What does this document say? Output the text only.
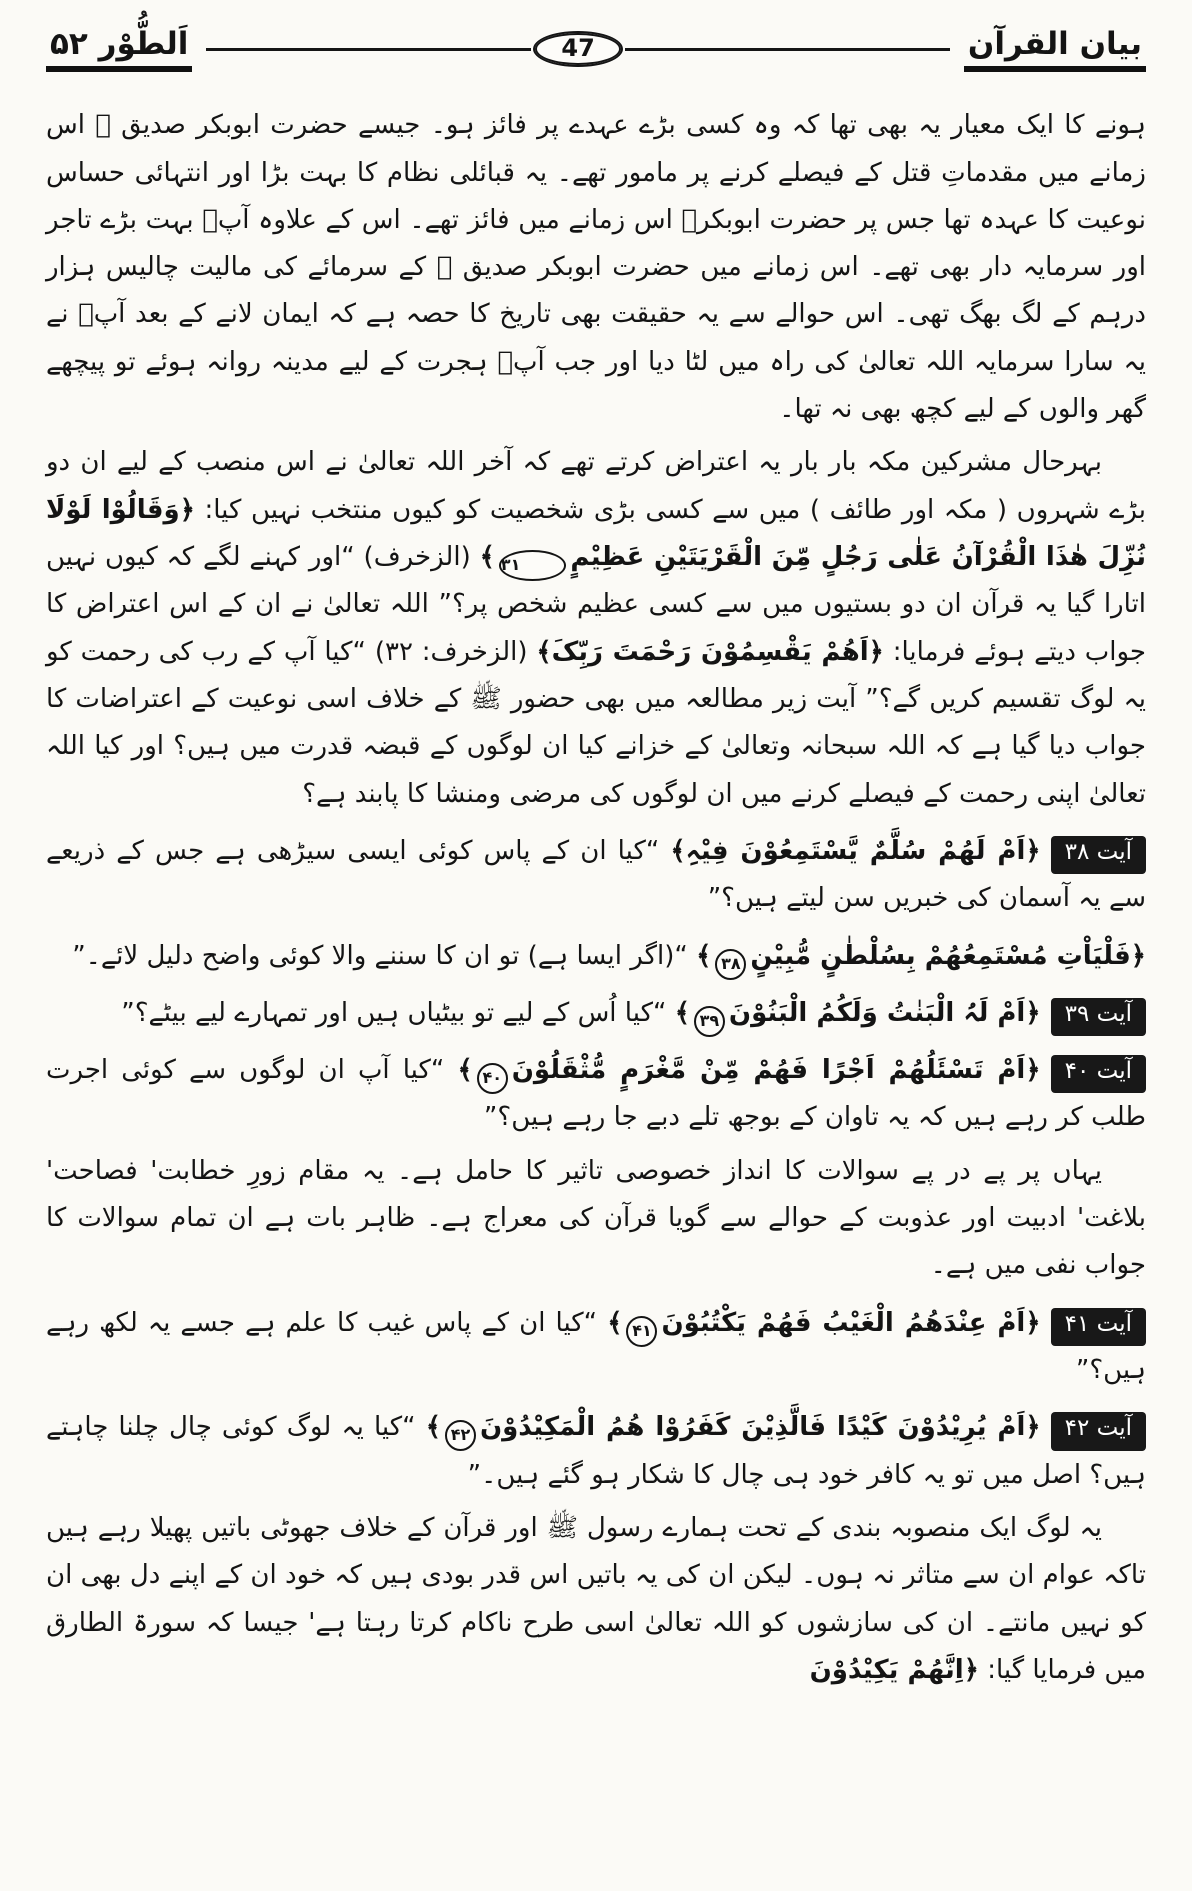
بیان القرآن
47
اَلطُّوْر ۵۲

ہونے کا ایک معیار یہ بھی تھا کہ وہ کسی بڑے عہدے پر فائز ہو۔ جیسے حضرت ابوبکر صدیق ؓ اس زمانے میں مقدماتِ قتل کے فیصلے کرنے پر مامور تھے۔ یہ قبائلی نظام کا بہت بڑا اور انتہائی حساس نوعیت کا عہدہ تھا جس پر حضرت ابوبکرؓ اس زمانے میں فائز تھے۔ اس کے علاوہ آپؓ بہت بڑے تاجر اور سرمایہ دار بھی تھے۔ اس زمانے میں حضرت ابوبکر صدیق ؓ کے سرمائے کی مالیت چالیس ہزار درہم کے لگ بھگ تھی۔ اس حوالے سے یہ حقیقت بھی تاریخ کا حصہ ہے کہ ایمان لانے کے بعد آپؓ نے یہ سارا سرمایہ اللہ تعالیٰ کی راہ میں لٹا دیا اور جب آپؓ ہجرت کے لیے مدینہ روانہ ہوئے تو پیچھے گھر والوں کے لیے کچھ بھی نہ تھا۔

بہرحال مشرکین مکہ بار بار یہ اعتراض کرتے تھے کہ آخر اللہ تعالیٰ نے اس منصب کے لیے ان دو بڑے شہروں ( مکہ اور طائف ) میں سے کسی بڑی شخصیت کو کیوں منتخب نہیں کیا: ﴿وَقَالُوْا لَوْلَا نُزِّلَ ھٰذَا الْقُرْآنُ عَلٰی رَجُلٍ مِّنَ الْقَرْیَتَیْنِ عَظِیْمٍ۳۱﴾ (الزخرف) “اور کہنے لگے کہ کیوں نہیں اتارا گیا یہ قرآن ان دو بستیوں میں سے کسی عظیم شخص پر؟” اللہ تعالیٰ نے ان کے اس اعتراض کا جواب دیتے ہوئے فرمایا: ﴿اَھُمْ یَقْسِمُوْنَ رَحْمَتَ رَبِّکَ﴾ (الزخرف: ۳۲) “کیا آپ کے رب کی رحمت کو یہ لوگ تقسیم کریں گے؟” آیت زیر مطالعہ میں بھی حضور ﷺ کے خلاف اسی نوعیت کے اعتراضات کا جواب دیا گیا ہے کہ اللہ سبحانہ وتعالیٰ کے خزانے کیا ان لوگوں کے قبضہ قدرت میں ہیں؟ اور کیا اللہ تعالیٰ اپنی رحمت کے فیصلے کرنے میں ان لوگوں کی مرضی ومنشا کا پابند ہے؟

آیت ۳۸﴿اَمْ لَھُمْ سُلَّمٌ یَّسْتَمِعُوْنَ فِیْہِ﴾ “کیا ان کے پاس کوئی ایسی سیڑھی ہے جس کے ذریعے سے یہ آسمان کی خبریں سن لیتے ہیں؟”

﴿فَلْیَاْتِ مُسْتَمِعُھُمْ بِسُلْطٰنٍ مُّبِیْنٍ۳۸﴾ “(اگر ایسا ہے) تو ان کا سننے والا کوئی واضح دلیل لائے۔”

آیت ۳۹﴿اَمْ لَہُ الْبَنٰتُ وَلَکُمُ الْبَنُوْنَ۳۹﴾ “کیا اُس کے لیے تو بیٹیاں ہیں اور تمہارے لیے بیٹے؟”

آیت ۴۰﴿اَمْ تَسْئَلُھُمْ اَجْرًا فَھُمْ مِّنْ مَّغْرَمٍ مُّثْقَلُوْنَ۴۰﴾ “کیا آپ ان لوگوں سے کوئی اجرت طلب کر رہے ہیں کہ یہ تاوان کے بوجھ تلے دبے جا رہے ہیں؟”

یہاں پر پے در پے سوالات کا انداز خصوصی تاثیر کا حامل ہے۔ یہ مقام زورِ خطابت' فصاحت' بلاغت' ادبیت اور عذوبت کے حوالے سے گویا قرآن کی معراج ہے۔ ظاہر بات ہے ان تمام سوالات کا جواب نفی میں ہے۔

آیت ۴۱﴿اَمْ عِنْدَھُمُ الْغَیْبُ فَھُمْ یَکْتُبُوْنَ۴۱﴾ “کیا ان کے پاس غیب کا علم ہے جسے یہ لکھ رہے ہیں؟”

آیت ۴۲﴿اَمْ یُرِیْدُوْنَ کَیْدًا فَالَّذِیْنَ کَفَرُوْا ھُمُ الْمَکِیْدُوْنَ۴۲﴾ “کیا یہ لوگ کوئی چال چلنا چاہتے ہیں؟ اصل میں تو یہ کافر خود ہی چال کا شکار ہو گئے ہیں۔”

یہ لوگ ایک منصوبہ بندی کے تحت ہمارے رسول ﷺ اور قرآن کے خلاف جھوٹی باتیں پھیلا رہے ہیں تاکہ عوام ان سے متاثر نہ ہوں۔ لیکن ان کی یہ باتیں اس قدر بودی ہیں کہ خود ان کے اپنے دل بھی ان کو نہیں مانتے۔ ان کی سازشوں کو اللہ تعالیٰ اسی طرح ناکام کرتا رہتا ہے' جیسا کہ سورۃ الطارق میں فرمایا گیا: ﴿اِنَّھُمْ یَکِیْدُوْنَ
